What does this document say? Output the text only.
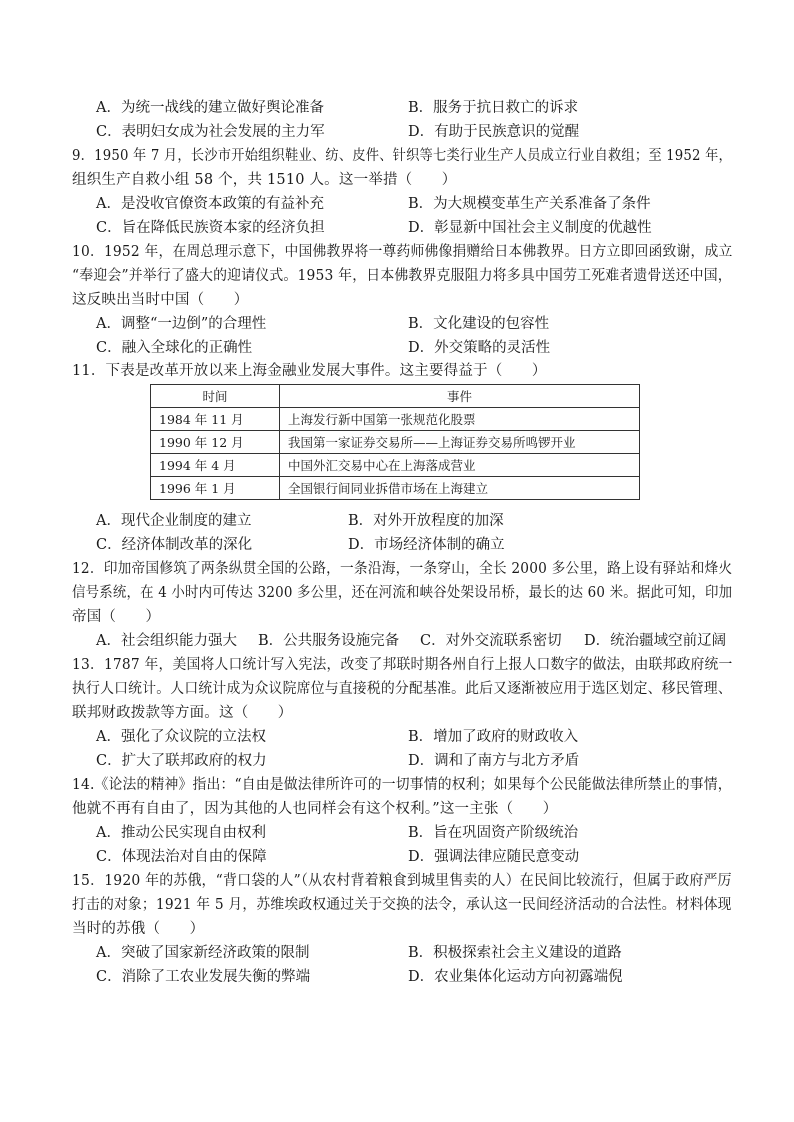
A．为统一战线的建立做好舆论准备	B．服务于抗日救亡的诉求
C．表明妇女成为社会发展的主力军	D．有助于民族意识的觉醒
9．1950 年 7 月，长沙市开始组织鞋业、纺、皮件、针织等七类行业生产人员成立行业自救组；至 1952 年，
组织生产自救小组 58 个，共 1510 人。这一举措（　　）
A．是没收官僚资本政策的有益补充	B．为大规模变革生产关系准备了条件
C．旨在降低民族资本家的经济负担	D．彰显新中国社会主义制度的优越性
10．1952 年，在周总理示意下，中国佛教界将一尊药师佛像捐赠给日本佛教界。日方立即回函致谢，成立
“奉迎会”并举行了盛大的迎请仪式。1953 年，日本佛教界克服阻力将多具中国劳工死难者遗骨送还中国，
这反映出当时中国（　　）
A．调整“一边倒”的合理性	B．文化建设的包容性
C．融入全球化的正确性	D．外交策略的灵活性
11．下表是改革开放以来上海金融业发展大事件。这主要得益于（　　）
时间	事件
1984 年 11 月	上海发行新中国第一张规范化股票
1990 年 12 月	我国第一家证券交易所——上海证券交易所鸣锣开业
1994 年 4 月	中国外汇交易中心在上海落成营业
1996 年 1 月	全国银行间同业拆借市场在上海建立
A．现代企业制度的建立	B．对外开放程度的加深
C．经济体制改革的深化	D．市场经济体制的确立
12．印加帝国修筑了两条纵贯全国的公路，一条沿海，一条穿山，全长 2000 多公里，路上设有驿站和烽火
信号系统，在 4 小时内可传达 3200 多公里，还在河流和峡谷处架设吊桥，最长的达 60 米。据此可知，印加
帝国（　　）
A．社会组织能力强大 B．公共服务设施完备 C．对外交流联系密切 D．统治疆域空前辽阔
13．1787 年，美国将人口统计写入宪法，改变了邦联时期各州自行上报人口数字的做法，由联邦政府统一
执行人口统计。人口统计成为众议院席位与直接税的分配基准。此后又逐渐被应用于选区划定、移民管理、
联邦财政拨款等方面。这（　　）
A．强化了众议院的立法权	B．增加了政府的财政收入
C．扩大了联邦政府的权力	D．调和了南方与北方矛盾
14.《论法的精神》指出：“自由是做法律所许可的一切事情的权利；如果每个公民能做法律所禁止的事情，
他就不再有自由了，因为其他的人也同样会有这个权利。”这一主张（　　）
A．推动公民实现自由权利	B．旨在巩固资产阶级统治
C．体现法治对自由的保障	D．强调法律应随民意变动
15．1920 年的苏俄，“背口袋的人”（从农村背着粮食到城里售卖的人）在民间比较流行，但属于政府严厉
打击的对象；1921 年 5 月，苏维埃政权通过关于交换的法令，承认这一民间经济活动的合法性。材料体现
当时的苏俄（　　）
A．突破了国家新经济政策的限制	B．积极探索社会主义建设的道路
C．消除了工农业发展失衡的弊端	D．农业集体化运动方向初露端倪
